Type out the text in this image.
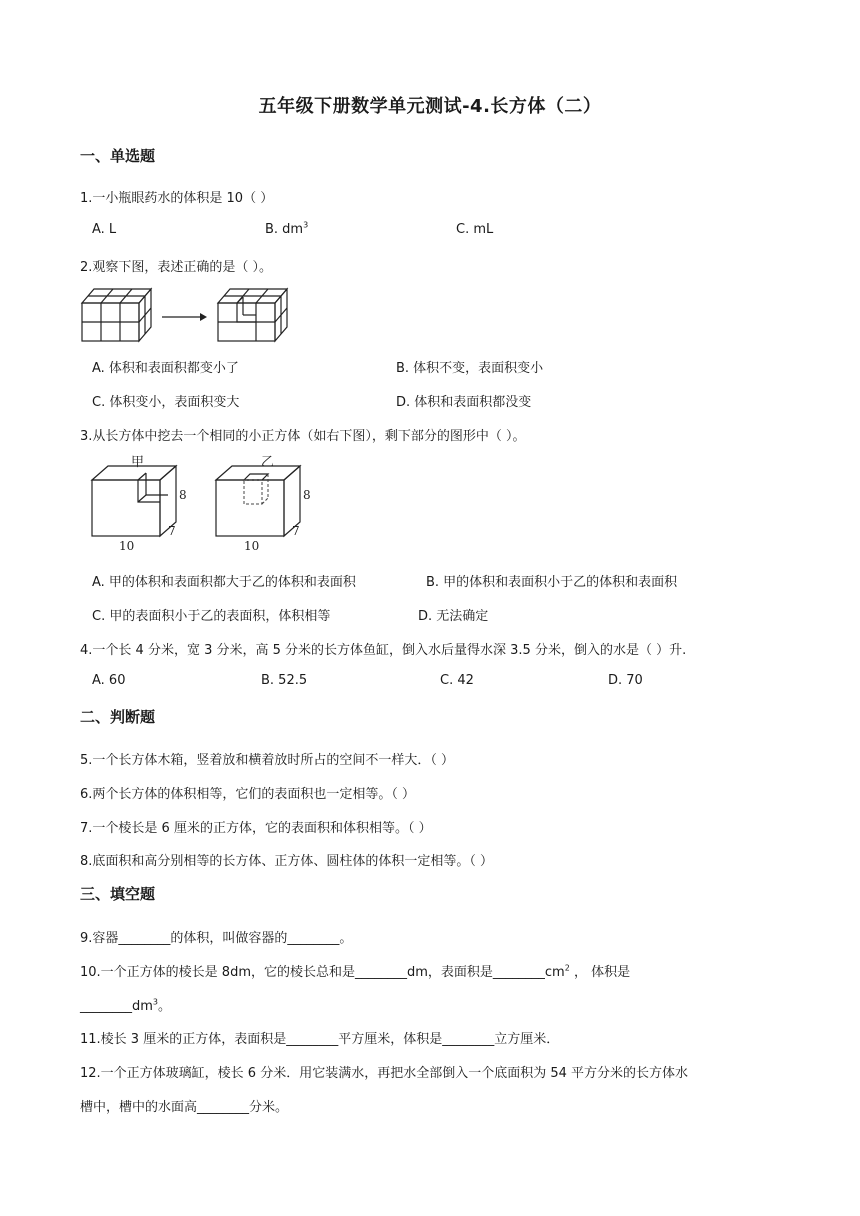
五年级下册数学单元测试-4.长方体（二）
一、单选题
1.一小瓶眼药水的体积是 10（ ）
A. L	B. $dm^3$	C. mL
2.观察下图，表述正确的是（ ）。
A. 体积和表面积都变小了	B. 体积不变，表面积变小
C. 体积变小，表面积变大	D. 体积和表面积都没变
3.从长方体中挖去一个相同的小正方体（如右下图），剩下部分的图形中（ ）。
甲
8
7
10
乙
8
7
10
A. 甲的体积和表面积都大于乙的体积和表面积	B. 甲的体积和表面积小于乙的体积和表面积
C. 甲的表面积小于乙的表面积，体积相等	D. 无法确定
4.一个长 4 分米，宽 3 分米，高 5 分米的长方体鱼缸，倒入水后量得水深 3.5 分米，倒入的水是（ ）升.
A. 60	B. 52.5	C. 42	D. 70
二、判断题
5.一个长方体木箱，竖着放和横着放时所占的空间不一样大．（ ）
6.两个长方体的体积相等，它们的表面积也一定相等。（ ）
7.一个棱长是 6 厘米的正方体，它的表面积和体积相等。（ ）
8.底面积和高分别相等的长方体、正方体、圆柱体的体积一定相等。（ ）
三、填空题
9.容器________的体积，叫做容器的________。
10.一个正方体的棱长是 8dm，它的棱长总和是________dm，表面积是$\_\_\_\_\_\_\_\_cm^2$ ， 体积是
$\_\_\_\_\_\_\_\_dm^3$。
11.棱长 3 厘米的正方体，表面积是________平方厘米，体积是________立方厘米．
12.一个正方体玻璃缸，棱长 6 分米．用它装满水，再把水全部倒入一个底面积为 54 平方分米的长方体水
槽中，槽中的水面高________分米。
